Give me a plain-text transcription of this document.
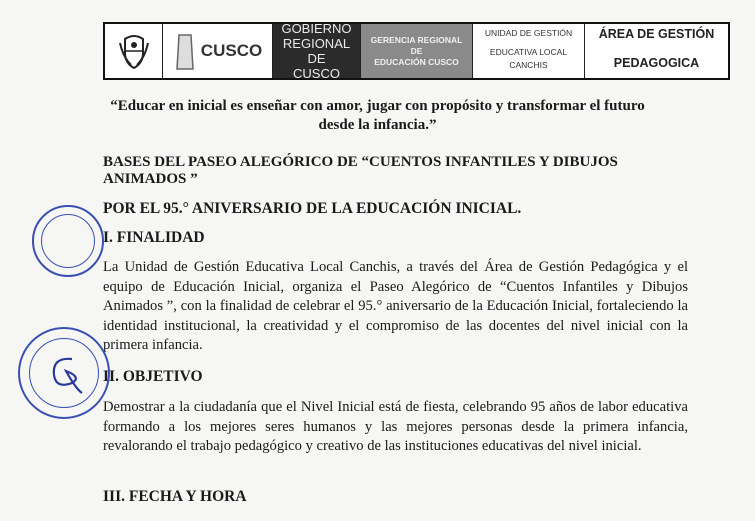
CUSCO
GOBIERNO
REGIONAL DE
CUSCO
GERENCIA REGIONAL
DE
EDUCACIÓN CUSCO
UNIDAD DE GESTIÓN
EDUCATIVA LOCAL
CANCHIS
ÁREA DE GESTIÓN
PEDAGOGICA
“Educar en inicial es enseñar con amor, jugar con propósito y transformar el futuro
desde la infancia.”
BASES DEL PASEO ALEGÓRICO DE “CUENTOS INFANTILES Y DIBUJOS ANIMADOS ”
POR EL 95.° ANIVERSARIO DE LA EDUCACIÓN INICIAL.
I. FINALIDAD
La Unidad de Gestión Educativa Local Canchis, a través del Área de Gestión Pedagógica y el equipo de Educación Inicial, organiza el Paseo Alegórico de “Cuentos Infantiles y Dibujos Animados ”, con la finalidad de celebrar el 95.° aniversario de la Educación Inicial, fortaleciendo la identidad institucional, la creatividad y el compromiso de las docentes del nivel inicial con la primera infancia.
II. OBJETIVO
Demostrar a la ciudadanía que el Nivel Inicial está de fiesta, celebrando 95 años de labor educativa formando a los mejores seres humanos y las mejores personas desde la primera infancia, revalorando el trabajo pedagógico y creativo de las instituciones educativas del nivel inicial.
III. FECHA Y HORA
